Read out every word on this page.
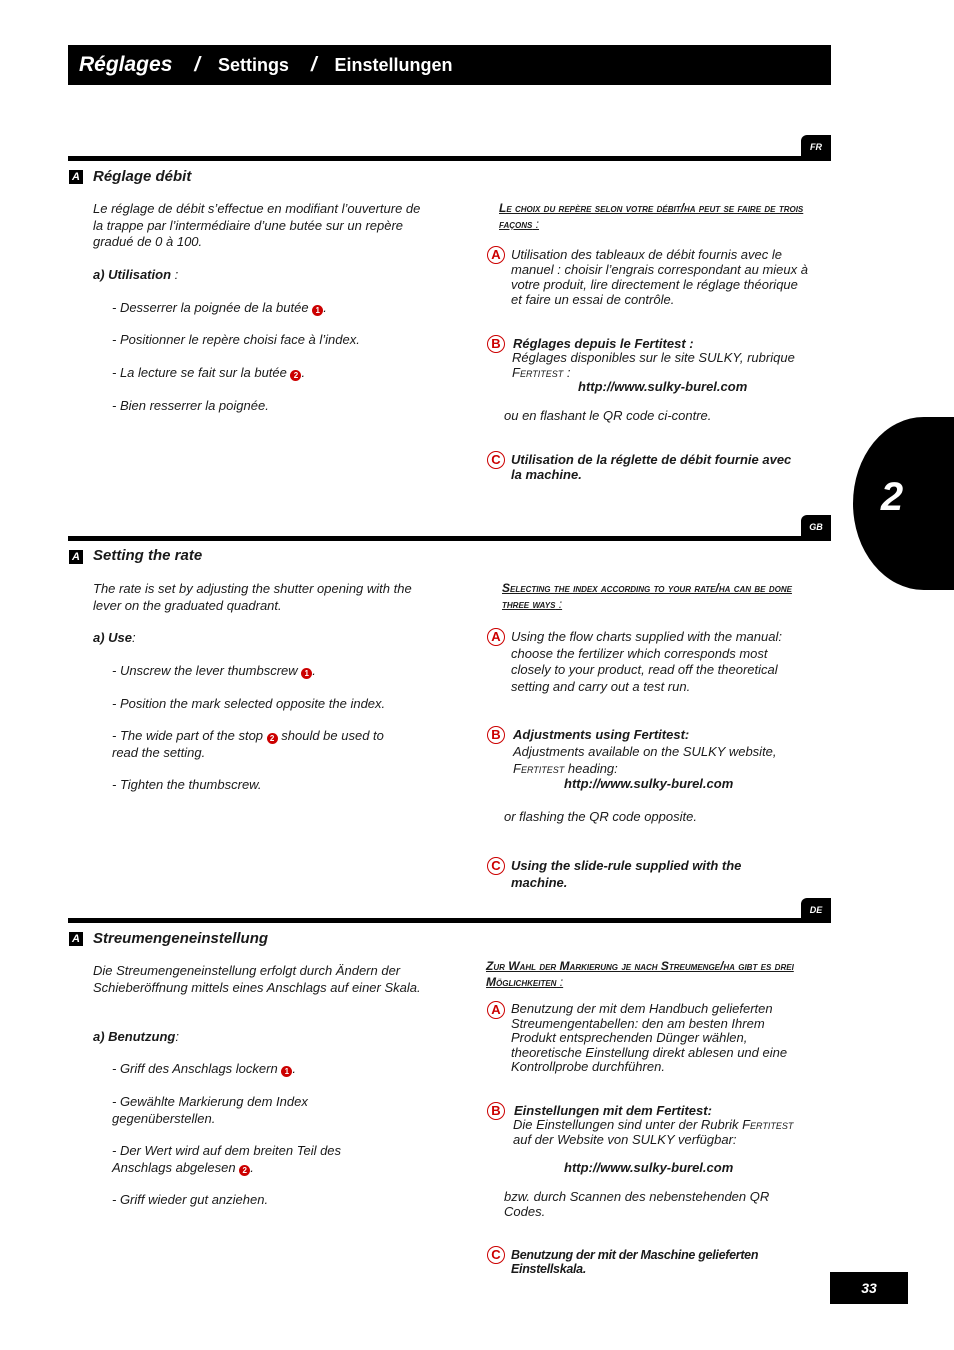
Réglages / Settings / Einstellungen
2
FR
A Réglage débit
Le réglage de débit s’effectue en modifiant l’ouverture de la trappe par l’intermédiaire d’une butée sur un repère gradué de 0 à 100.
a) Utilisation :
- Desserrer la poignée de la butée 1 .
- Positionner le repère choisi face à l’index.
- La lecture se fait sur la butée 2 .
- Bien resserrer la poignée.
Le choix du repère selon votre débit/ha peut se faire de trois façons :
A Utilisation des tableaux de débit fournis avec le manuel : choisir l’engrais correspondant au mieux à votre produit, lire directement le réglage théorique et faire un essai de contrôle.
B Réglages depuis le Fertitest :
Réglages disponibles sur le site SULKY, rubrique
Fertitest :
http://www.sulky-burel.com
ou en flashant le QR code ci-contre.
C Utilisation de la réglette de débit fournie avec la machine.
GB
A Setting the rate
The rate is set by adjusting the shutter opening with the lever on the graduated quadrant.
a) Use:
- Unscrew the lever thumbscrew 1 .
- Position the mark selected opposite the index.
- The wide part of the stop 2 should be used to read the setting.
- Tighten the thumbscrew.
Selecting the index according to your rate/ha can be done three ways :
A Using the flow charts supplied with the manual: choose the fertilizer which corresponds most closely to your product, read off the theoretical setting and carry out a test run.
B Adjustments using Fertitest:
Adjustments available on the SULKY website,
Fertitest heading:
http://www.sulky-burel.com
or flashing the QR code opposite.
C Using the slide-rule supplied with the machine.
DE
A Streumengeneinstellung
Die Streumengeneinstellung erfolgt durch Ändern der Schieberöffnung mittels eines Anschlags auf einer Skala.
a) Benutzung:
- Griff des Anschlags lockern 1 .
- Gewählte Markierung dem Index gegenüberstellen.
- Der Wert wird auf dem breiten Teil des Anschlags abgelesen 2 .
- Griff wieder gut anziehen.
Zur Wahl der Markierung je nach Streumenge/ha gibt es drei Möglichkeiten :
A Benutzung der mit dem Handbuch gelieferten Streumengentabellen: den am besten Ihrem Produkt entsprechenden Dünger wählen, theoretische Einstellung direkt ablesen und eine Kontrollprobe durchführen.
B	Einstellungen mit dem Fertitest:
Die Einstellungen sind unter der Rubrik Fertitest
auf der Website von SULKY verfügbar:
http://www.sulky-burel.com
bzw. durch Scannen des nebenstehenden QR Codes.
C Benutzung der mit der Maschine gelieferten Einstellskala.
33
